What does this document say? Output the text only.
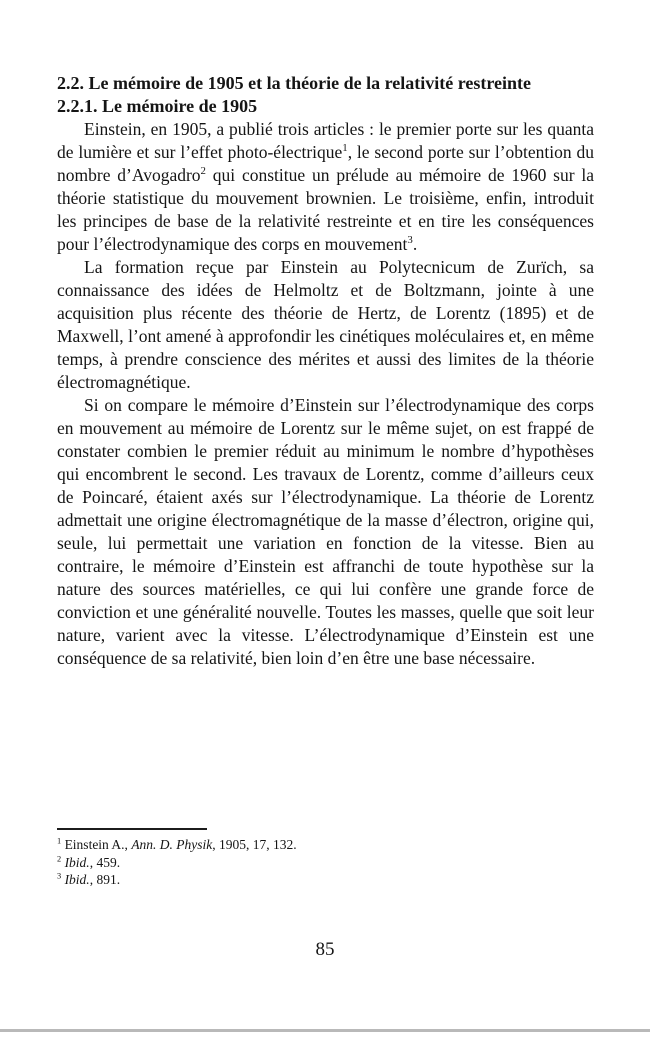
2.2. Le mémoire de 1905 et la théorie de la relativité restreinte
2.2.1. Le mémoire de 1905

Einstein, en 1905, a publié trois articles : le premier porte sur les quanta de lumière et sur l’effet photo-électrique$^1$, le second porte sur l’obtention du nombre d’Avogadro$^2$ qui constitue un prélude au mémoire de 1960 sur la théorie statistique du mouvement brownien. Le troisième, enfin, introduit les principes de base de la relativité restreinte et en tire les conséquences pour l’électrodynamique des corps en mouvement$^3$.

La formation reçue par Einstein au Polytecnicum de Zurïch, sa connaissance des idées de Helmoltz et de Boltzmann, jointe à une acquisition plus récente des théorie de Hertz, de Lorentz (1895) et de Maxwell, l’ont amené à approfondir les cinétiques moléculaires et, en même temps, à prendre conscience des mérites et aussi des limites de la théorie électromagnétique.

Si on compare le mémoire d’Einstein sur l’électrodynamique des corps en mouvement au mémoire de Lorentz sur le même sujet, on est frappé de constater combien le premier réduit au minimum le nombre d’hypothèses qui encombrent le second. Les travaux de Lorentz, comme d’ailleurs ceux de Poincaré, étaient axés sur l’électrodynamique. La théorie de Lorentz admettait une origine électromagnétique de la masse d’électron, origine qui, seule, lui permettait une variation en fonction de la vitesse. Bien au contraire, le mémoire d’Einstein est affranchi de toute hypothèse sur la nature des sources matérielles, ce qui lui confère une grande force de conviction et une généralité nouvelle. Toutes les masses, quelle que soit leur nature, varient avec la vitesse. L’électrodynamique d’Einstein est une conséquence de sa relativité, bien loin d’en être une base nécessaire.

$^1$ Einstein A., Ann. D. Physik, 1905, 17, 132.

$^2$ Ibid., 459.

$^3$ Ibid., 891.

85
